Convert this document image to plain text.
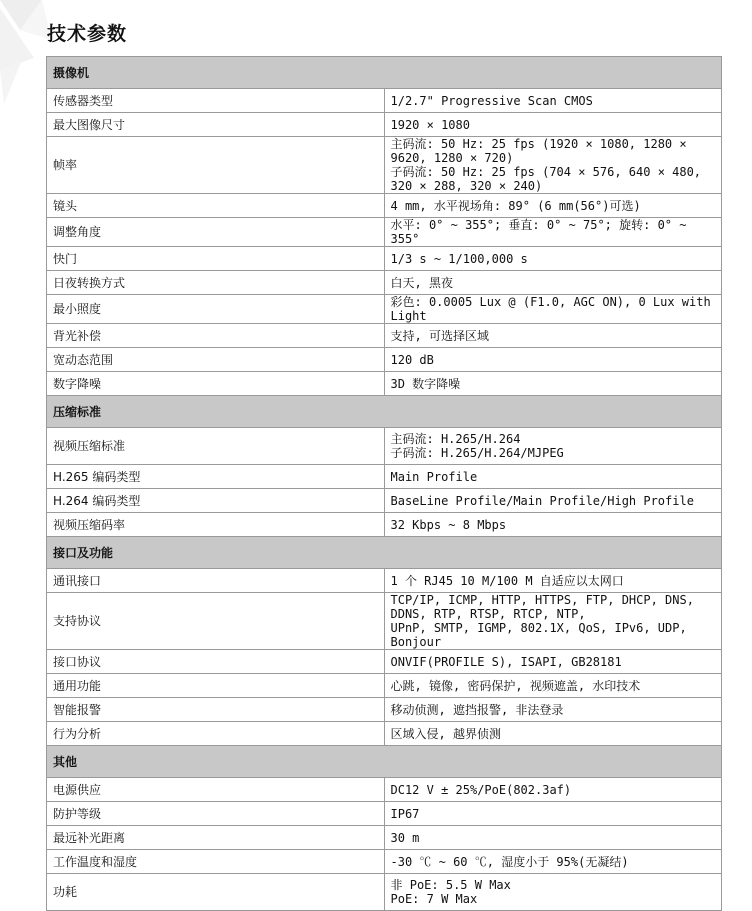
技术参数
摄像机	
传感器类型	1/2.7" Progressive Scan CMOS
最大图像尺寸	1920 × 1080
帧率	主码流: 50 Hz: 25 fps (1920 × 1080, 1280 × 9620, 1280 × 720)
子码流: 50 Hz: 25 fps (704 × 576, 640 × 480, 320 × 288, 320 × 240)
镜头	4 mm, 水平视场角: 89° (6 mm(56°)可选)
调整角度	水平: 0° ~ 355°; 垂直: 0° ~ 75°; 旋转: 0° ~ 355°
快门	1/3 s ~ 1/100,000 s
日夜转换方式	白天, 黑夜
最小照度	彩色: 0.0005 Lux @ (F1.0, AGC ON), 0 Lux with Light
背光补偿	支持, 可选择区域
宽动态范围	120 dB
数字降噪	3D 数字降噪
压缩标准	
视频压缩标准	主码流: H.265/H.264
子码流: H.265/H.264/MJPEG
H.265 编码类型	Main Profile
H.264 编码类型	BaseLine Profile/Main Profile/High Profile
视频压缩码率	32 Kbps ~ 8 Mbps
接口及功能	
通讯接口	1 个 RJ45 10 M/100 M 自适应以太网口
支持协议	TCP/IP, ICMP, HTTP, HTTPS, FTP, DHCP, DNS, DDNS, RTP, RTSP, RTCP, NTP,
UPnP, SMTP, IGMP, 802.1X, QoS, IPv6, UDP, Bonjour
接口协议	ONVIF(PROFILE S), ISAPI, GB28181
通用功能	心跳, 镜像, 密码保护, 视频遮盖, 水印技术
智能报警	移动侦测, 遮挡报警, 非法登录
行为分析	区域入侵, 越界侦测
其他	
电源供应	DC12 V ± 25%/PoE(802.3af)
防护等级	IP67
最远补光距离	30 m
工作温度和湿度	-30 ℃ ~ 60 ℃, 湿度小于 95%(无凝结)
功耗	非 PoE: 5.5 W Max
PoE: 7 W Max
